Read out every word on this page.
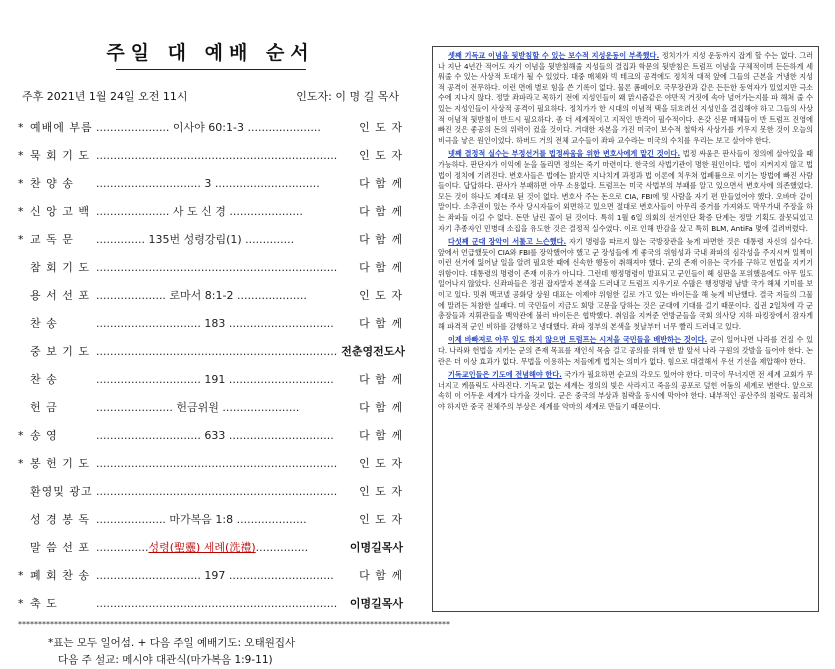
주일 대 예배 순서
주후 2021년 1월 24일 오전 11시	인도자: 이 명 길 목사
* 예배에 부름 ..................... 이사야 60:1-3 .....................	인 도 자
* 묵 회 기 도 .....................................................................	인 도 자
* 찬 양 송	.............................. 3 ..............................	다 함 께
* 신 앙 고 백 ..................... 사 도 신 경 .....................	다 함 께
* 교 독 문	.............. 135번 성령강림(1) ..............	다 함 께
참 회 기 도 .....................................................................	다 함 께
용 서 선 포 .................... 로마서 8:1-2 ....................	인 도 자
찬 송	.............................. 183 ..............................	다 함 께
중 보 기 도 ..................................................................... 전춘영전도사
찬 송	.............................. 191 ..............................	다 함 께
헌 금	...................... 헌금위원 ......................	다 함 께
* 송 영	.............................. 633 ..............................	다 함 께
* 봉 헌 기 도 .....................................................................	인 도 자
환영및 광고 .....................................................................	인 도 자
성 경 봉 독 .................... 마가복음 1:8 ....................	인 도 자
말 씀 선 포 ...............성령(聖靈) 세례(洗禮)...............	이명길목사
* 폐 회 찬 송 .............................. 197 ..............................	다 함 께
* 축 도	.....................................................................	이명길목사
************************************************************************************************************
*표는 모두 일어섬. + 다음 주일 예배기도: 오태원집사
다음 주 설교: 메시야 대관식(마가복음 1:9-11)
셋째 기독교 이념을 뒷받침할 수 있는 보수적 지성운동이 부족했다. 정치가가 지성 운동까지 잡게 할 수는 없다. 그러나 지난 4년간 적어도 자기 이념을 뒷받침해줄 지성들의 결집과 학문의 뒷받침은 트럼프 이념을 구체적이며 든든하게 세워줄 수 있는 사상적 토대가 될 수 있었다. 대중 매체와 빅 테크의 공격에도 정치적 대적 앞에 그들의 근본을 거냉한 지성적 공격이 전무하다. 이런 면에 별로 힘을 쓴 기록이 없다. 물론 폼페이오 국무장관과 같은 든든한 동역자가 있었지만 극소수에 지나지 않다. 정말 좌파라고 목하기 전에 지성인들이 왜 맑시즘같은 야만적 거짓에 속아 넘어가는지를 파 해쳐 줄 수 있는 지성인들이 사상적 공격이 필요하다. 정치가가 한 시대의 이념적 택을 뒤흐려선 지성인을 결집해야 하고 그들의 사상적 이념적 뒷받침이 반드시 필요하다. 좀 더 세계적이고 지적인 반격이 필수적이다. 온갖 신문 매체들이 반 트럼프 진영에 빠진 것은 좋공의 돈의 위력이 컸을 것이다. 거대한 자본을 가진 미국이 보수적 철학자 사상가를 키우지 못한 것이 오늘의 비극을 낳은 원인이었다. 하버드 거의 전체 교수들이 좌파 교수라는 미국의 수치를 우리는 보고 살아야 한다.
넷째 결정적 실수는 부정선거를 법정싸움을 위한 변호사에게 맡긴 것이다. 법정 싸움은 판사들이 정의에 살아있을 때 가능하다. 판단자가 이익에 눈을 돌리면 정의는 죽기 마련이다. 한국의 사법기관이 명한 원인이다. 법이 지켜지지 않고 법법이 정치에 기려진다. 변호사들은 법에는 밝지만 지나치게 과정과 법 이론에 치우쳐 업폐률으로 이기는 방법에 빠진 사람들이다. 답답하다. 판사가 부패하면 아무 소용없다. 트럼프는 미국 사법부의 부패를 알고 있으면서 변호사에 의존했었다. 모든 것이 하나도 제대로 된 것이 없다. 변호사 주는 돈으로 CIA, FBI에 및 사람을 자기 편 만들었어야 했다. 오바마 같이 말이다. 소추권이 있는 주사 당시자들이 외면하고 있으면 절대로 변호사들이 아무리 증거를 가져와도 막무가내 주장을 하는 좌파들 이길 수 없다. 돈만 날린 꼴이 된 것이다. 특히 1월 6일 의회의 선거인단 확증 단계는 정말 기획도 잘못되었고 자기 추종자인 민병대 소집을 유도한 것은 결정적 실수였다. 이로 인해 반감을 샀고 특히 BLM, AntiFa 몇에 걸려버렸다.
다섯째 군대 장악이 서툴고 느슨했다. 자기 명령을 따르지 않는 국방장관을 늦게 파면한 것은 대통령 자신의 실수다. 앞에서 언급했듯이 CIA와 FBI를 장악했어야 했고 군 장성들에 게 좋국의 위험성과 국내 좌파의 심각성을 주지시켜 일찍이 이런 선거에 잃어날 일을 알려 필요한 때에 신속한 행동이 취해져야 했다. 군의 존재 이유는 국가를 구하고 헌법을 지키기 위함이다. 대통령의 명령이 존재 이유가 아니다. 그런데 행정명령이 발표되고 군인들이 헤 심판을 포위했음에도 아무 일도 일어나지 않았다. 신좌파들은 정권 잡자말자 본색을 드러내고 트럼프 지우기로 수많은 행정명령 남발 국가 해체 기미를 보이고 있다. 밋취 맥코넬 공화당 상원 대표는 이제야 위험한 길로 가고 있는 바이든을 해 늦게 비난했다. 결국 저들의 그물에 말려든 처참한 실패다. 미 국민들이 지금도 회망 고문을 당하는 것은 군대에 기대를 걸기 때문이다. 집권 2일차에 각 군 총장들과 지휘관들을 백악관에 불러 바이든은 협박했다. 취임을 지켜준 연방군들을 국회 의사당 지하 파킹장에서 잠자게 해 파격적 군인 비하를 감행하고 냉대했다. 좌파 정부의 본색을 첫날부터 너무 빨리 드러내고 있다.
이제 바빠져로 아무 일도 하지 않으면 트럼프는 시저을 국민들을 배반하는 것이다. 군이 일어나면 나라를 건질 수 있다. 나라와 헌법을 지키는 군의 존재 목표를 재인식 목숨 걸고 공의를 위해 한 발 앞서 나라 구원의 갓발을 들어야 한다. 논란은 더 이상 효과가 없다. 무법을 이용하는 저들에게 법치는 의미가 없다. 힘으로 대결해서 우선 기선을 제압해야 한다.
기독교인들은 기도에 전념해야 한다. 국가가 필요하면 순교의 각오도 있어야 한다. 미국이 무너지면 전 세계 교회가 무너지고 케플릭도 사라진다. 기독교 없는 세계는 정의의 빛은 사라지고 죽음의 공포로 덮힌 어둠의 세계로 변한다. 앞으로 속히 이 어두운 세계가 다가올 것이다. 군은 중국의 부상과 침략을 동시에 막아야 한다. 내부적인 공산주의 침략도 물리쳐야 하지만 중국 전체주의 부상은 세계를 악마의 세계로 만들기 때문이다.
